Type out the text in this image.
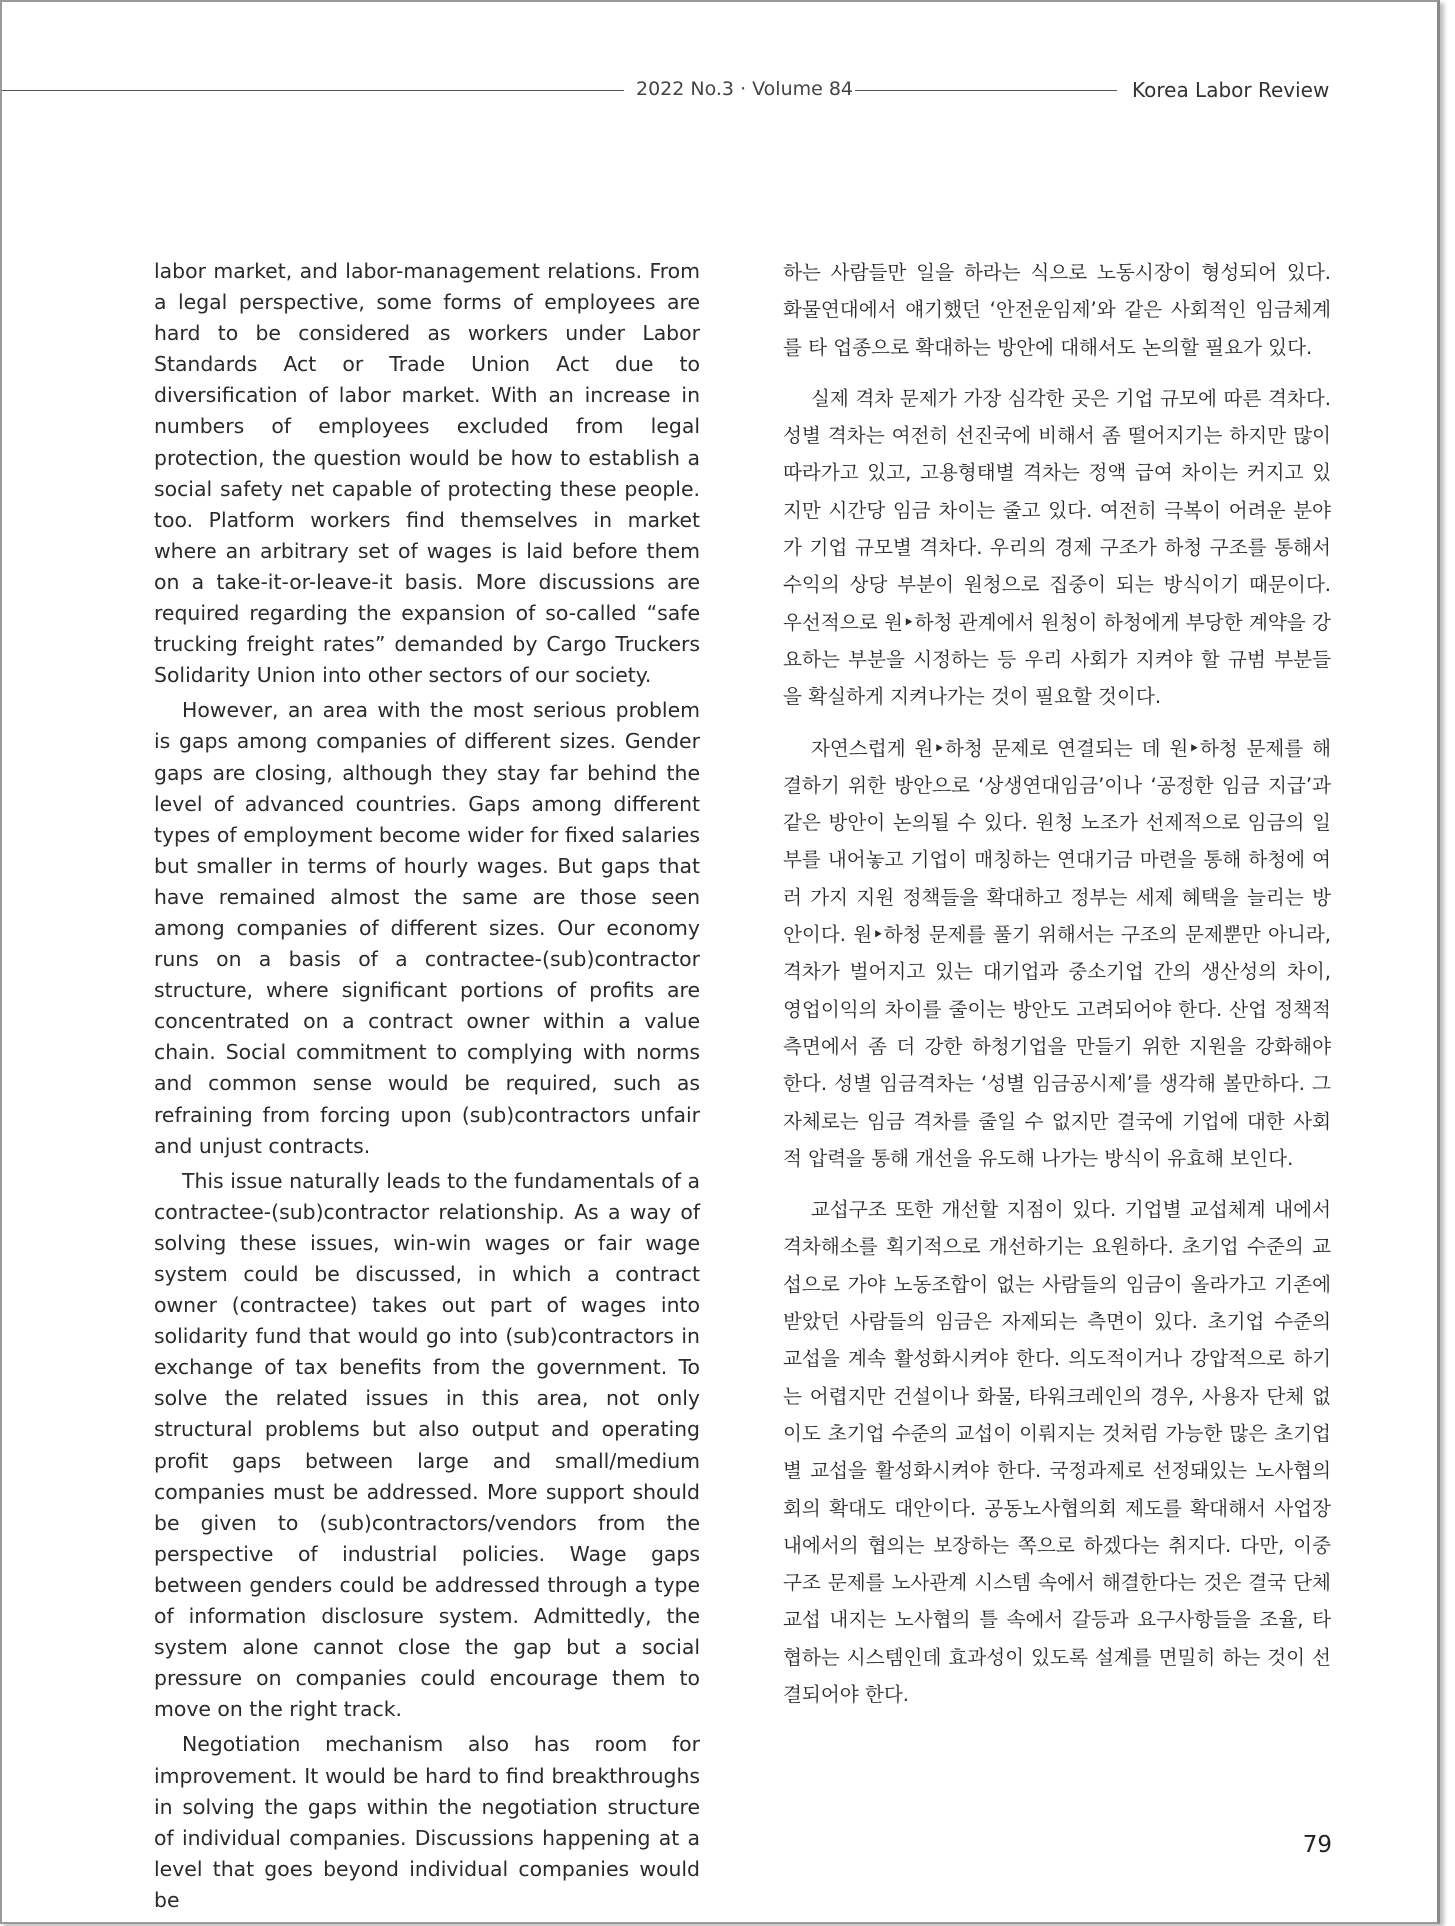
2022 No.3 · Volume 84	Korea Labor Review

labor market, and labor-management relations. From a legal perspective, some forms of employees are hard to be considered as workers under Labor Standards Act or Trade Union Act due to diversification of labor market. With an increase in numbers of employees excluded from legal protection, the question would be how to establish a social safety net capable of protecting these people. too. Platform workers find themselves in market where an arbitrary set of wages is laid before them on a take-it-or-leave-it basis. More discussions are required regarding the expansion of so-called “safe trucking freight rates” demanded by Cargo Truckers Solidarity Union into other sectors of our society.

However, an area with the most serious problem is gaps among companies of different sizes. Gender gaps are closing, although they stay far behind the level of advanced countries. Gaps among different types of employment become wider for fixed salaries but smaller in terms of hourly wages. But gaps that have remained almost the same are those seen among companies of different sizes. Our economy runs on a basis of a contractee-(sub)contractor structure, where significant portions of profits are concentrated on a contract owner within a value chain. Social commitment to complying with norms and common sense would be required, such as refraining from forcing upon (sub)contractors unfair and unjust contracts.

This issue naturally leads to the fundamentals of a contractee-(sub)contractor relationship. As a way of solving these issues, win-win wages or fair wage system could be discussed, in which a contract owner (contractee) takes out part of wages into solidarity fund that would go into (sub)contractors in exchange of tax benefits from the government. To solve the related issues in this area, not only structural problems but also output and operating profit gaps between large and small/medium companies must be addressed. More support should be given to (sub)contractors/vendors from the perspective of industrial policies. Wage gaps between genders could be addressed through a type of information disclosure system. Admittedly, the system alone cannot close the gap but a social pressure on companies could encourage them to move on the right track.

Negotiation mechanism also has room for improvement. It would be hard to find breakthroughs in solving the gaps within the negotiation structure of individual companies. Discussions happening at a level that goes beyond individual companies would be

하는 사람들만 일을 하라는 식으로 노동시장이 형성되어 있다. 화물연대에서 얘기했던 ‘안전운임제’와 같은 사회적인 임금체계를 타 업종으로 확대하는 방안에 대해서도 논의할 필요가 있다.

실제 격차 문제가 가장 심각한 곳은 기업 규모에 따른 격차다. 성별 격차는 여전히 선진국에 비해서 좀 떨어지기는 하지만 많이 따라가고 있고, 고용형태별 격차는 정액 급여 차이는 커지고 있지만 시간당 임금 차이는 줄고 있다. 여전히 극복이 어려운 분야가 기업 규모별 격차다. 우리의 경제 구조가 하청 구조를 통해서 수익의 상당 부분이 원청으로 집중이 되는 방식이기 때문이다. 우선적으로 원‣하청 관계에서 원청이 하청에게 부당한 계약을 강요하는 부분을 시정하는 등 우리 사회가 지켜야 할 규범 부분들을 확실하게 지켜나가는 것이 필요할 것이다.

자연스럽게 원‣하청 문제로 연결되는 데 원‣하청 문제를 해결하기 위한 방안으로 ‘상생연대임금’이나 ‘공정한 임금 지급’과 같은 방안이 논의될 수 있다. 원청 노조가 선제적으로 임금의 일부를 내어놓고 기업이 매칭하는 연대기금 마련을 통해 하청에 여러 가지 지원 정책들을 확대하고 정부는 세제 혜택을 늘리는 방안이다. 원‣하청 문제를 풀기 위해서는 구조의 문제뿐만 아니라, 격차가 벌어지고 있는 대기업과 중소기업 간의 생산성의 차이, 영업이익의 차이를 줄이는 방안도 고려되어야 한다. 산업 정책적 측면에서 좀 더 강한 하청기업을 만들기 위한 지원을 강화해야 한다. 성별 임금격차는 ‘성별 임금공시제’를 생각해 볼만하다. 그 자체로는 임금 격차를 줄일 수 없지만 결국에 기업에 대한 사회적 압력을 통해 개선을 유도해 나가는 방식이 유효해 보인다.

교섭구조 또한 개선할 지점이 있다. 기업별 교섭체계 내에서 격차해소를 획기적으로 개선하기는 요원하다. 초기업 수준의 교섭으로 가야 노동조합이 없는 사람들의 임금이 올라가고 기존에 받았던 사람들의 임금은 자제되는 측면이 있다. 초기업 수준의 교섭을 계속 활성화시켜야 한다. 의도적이거나 강압적으로 하기는 어렵지만 건설이나 화물, 타워크레인의 경우, 사용자 단체 없이도 초기업 수준의 교섭이 이뤄지는 것처럼 가능한 많은 초기업별 교섭을 활성화시켜야 한다. 국정과제로 선정돼있는 노사협의회의 확대도 대안이다. 공동노사협의회 제도를 확대해서 사업장 내에서의 협의는 보장하는 쪽으로 하겠다는 취지다. 다만, 이중구조 문제를 노사관계 시스템 속에서 해결한다는 것은 결국 단체교섭 내지는 노사협의 틀 속에서 갈등과 요구사항들을 조율, 타협하는 시스템인데 효과성이 있도록 설계를 면밀히 하는 것이 선결되어야 한다.

79
